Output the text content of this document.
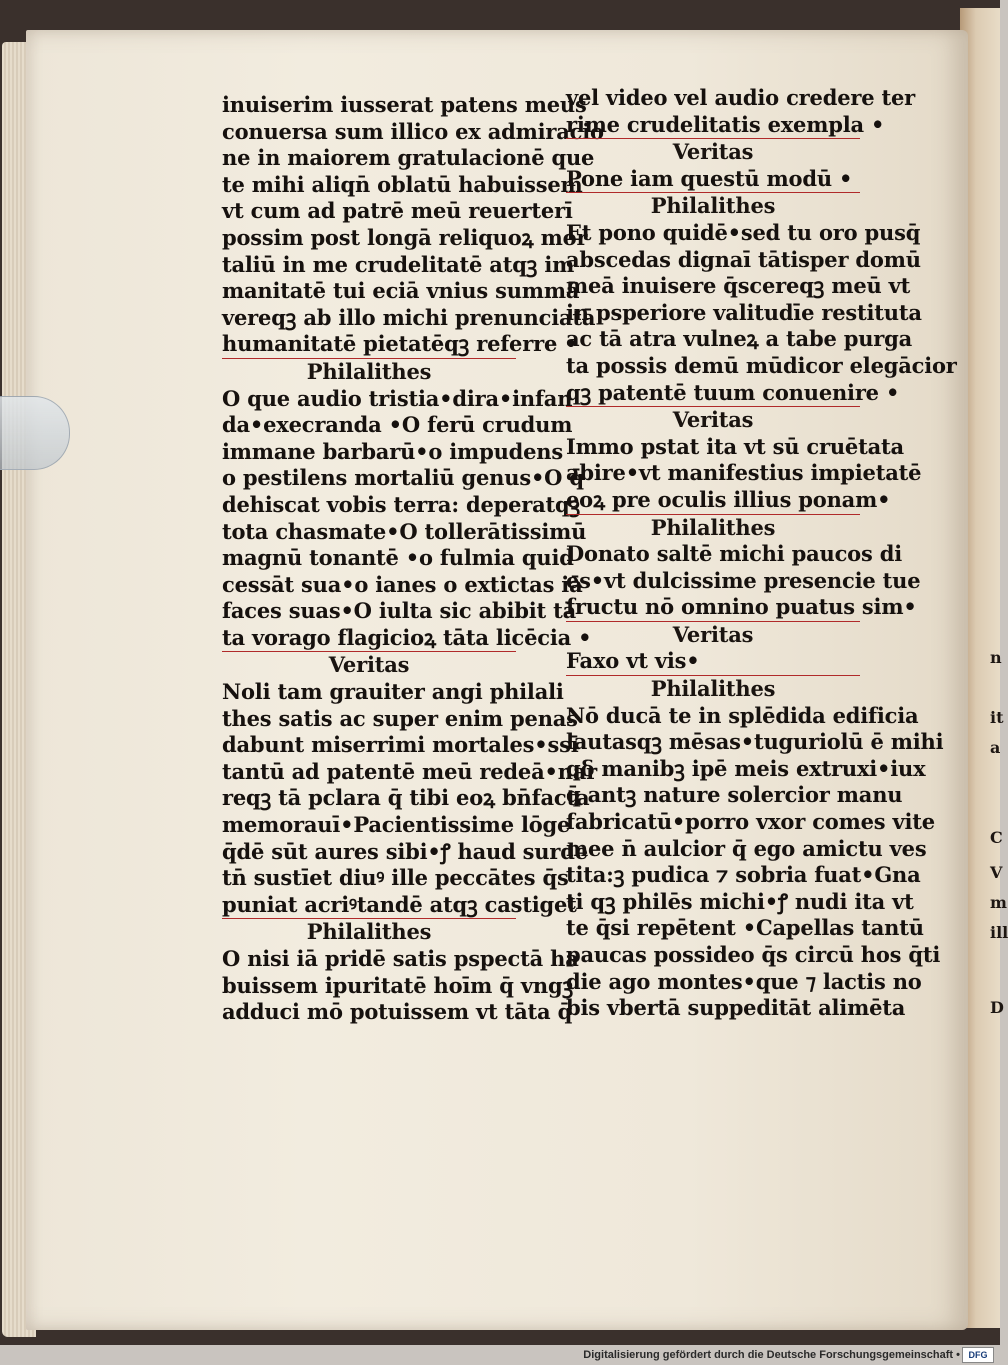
n
it
a
C
V
m
ill
D
inuiserim iusserat patens meus
conuersa sum illico ex admiracio
ne in maiorem gratulacionē que
te mihi aliqn̄ oblatū habuissem
vt cum ad patrē meū reuerterī
possim post longā reliquoꝝ mor
taliū in me crudelitatē atqꝫ im
manitatē tui eciā vnius summā
vereqꝫ ab illo michi prenunciatā
humanitatē pietatēqꝫ referre •
Philalithes
O que audio tristia•dira•infan
da•execranda •O ferū crudum
immane barbarū•o impudens
o pestilens mortaliū genus•O q̄
dehiscat vobis terra: deperatqꝫ
tota chasmate•O tollerātissimū
magnū tonantē •o fulmia quid
cessāt sua•o ianes o extictas iā
faces suas•O iulta sic abibit tā
ta vorago flagicioꝝ tāta licēcia •
Veritas
Noli tam grauiter angi philali
thes satis ac super enim penas
dabunt miserrimi mortales•ssī
tantū ad patentē meū redeā•nar
reqꝫ tā pclara q̄ tibi eoꝝ bn̄facta
memorauī•Pacientissime lōge
q̄dē sūt aures sibi•ꝭ haud surde
tn̄ sustīet diuꝰ ille peccātes q̄s
puniat acriꝰtandē atqꝫ castiget
Philalithes
O nisi iā pridē satis pspectā ha
buissem ipuritatē hoīm q̄ vngꝫ
adduci mō potuissem vt tāta q̄
vel video vel audio credere ter
rime crudelitatis exempla •
Veritas
Pone iam questū modū •
Philalithes
Et pono quidē•sed tu oro pusq̄
abscedas dignaī tātisper domū
meā inuisere q̄scereqꝫ meū vt
in psperiore valitudīe restituta
ac tā atra vulneꝝ a tabe purga
ta possis demū mūdicor elegācior
qꝫ patentē tuum conuenire •
Veritas
Immo pstat ita vt sū cruētata
abire•vt manifestius impietatē
eoꝝ pre oculis illius ponam•
Philalithes
Donato saltē michi paucos di
es•vt dulcissime presencie tue
fructu nō omnino puatus sim•
Veritas
Faxo vt vis•
Philalithes
Nō ducā te in splēdida edificia
lautasqꝫ mēsas•tuguriolū ē mihi
qδ manibꝫ ipē meis extruxi•iux
q̄ antꝫ nature solercior manu
fabricatū•porro vxor comes vite
mee n̄ aulcior q̄ ego amictu ves
tita:ꝫ pudica ⁊ sobria fuat•Gna
ti qꝫ philēs michi•ꝭ nudi ita vt
te q̄si repētent •Capellas tantū
paucas possideo q̄s circū hos q̄ti
die ago montes•que ⁊ lactis no
bis vbertā suppeditāt alimēta
Digitalisierung gefördert durch die Deutsche Forschungsgemeinschaft • DFG
